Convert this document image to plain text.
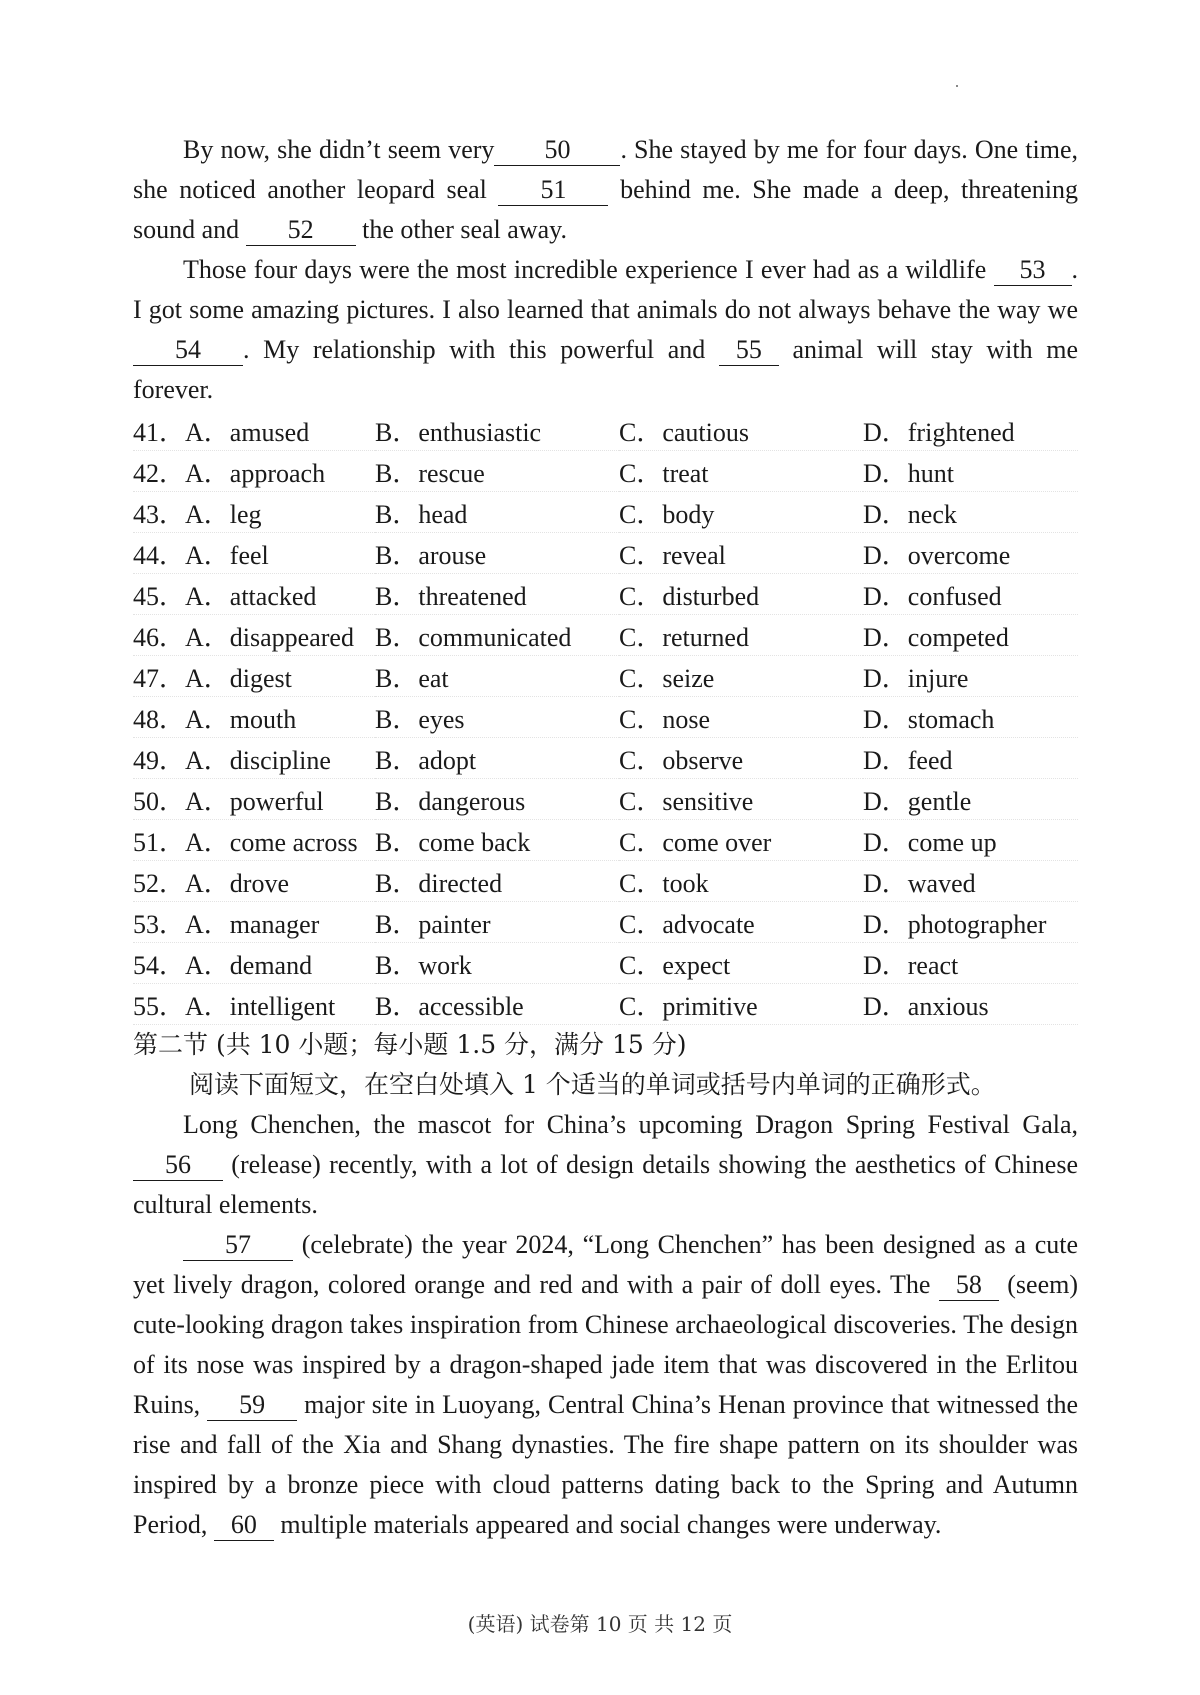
By now, she didn’t seem very 50 . She stayed by me for four days. One time, she noticed another leopard seal 51 behind me. She made a deep, threatening sound and 52 the other seal away.

Those four days were the most incredible experience I ever had as a wildlife 53 . I got some amazing pictures. I also learned that animals do not always behave the way we54 . My relationship with this powerful and 55 animal will stay with me forever.

41．A．amused	B．enthusiastic	C．cautious	D．frightened
42．A．approach	B．rescue	C．treat	D．hunt
43．A．leg	B．head	C．body	D．neck
44．A．feel	B．arouse	C．reveal	D．overcome
45．A．attacked	B．threatened	C．disturbed	D．confused
46．A．disappeared	B．communicated	C．returned	D．competed
47．A．digest	B．eat	C．seize	D．injure
48．A．mouth	B．eyes	C．nose	D．stomach
49．A．discipline	B．adopt	C．observe	D．feed
50．A．powerful	B．dangerous	C．sensitive	D．gentle
51．A．come across	B．come back	C．come over	D．come up
52．A．drove	B．directed	C．took	D．waved
53．A．manager	B．painter	C．advocate	D．photographer
54．A．demand	B．work	C．expect	D．react
55．A．intelligent	B．accessible	C．primitive	D．anxious

第二节 (共 10 小题；每小题 1.5 分，满分 15 分)

阅读下面短文，在空白处填入 1 个适当的单词或括号内单词的正确形式。

Long Chenchen, the mascot for China’s upcoming Dragon Spring Festival Gala, 56 (release) recently, with a lot of design details showing the aesthetics of Chinese cultural elements.

57 (celebrate) the year 2024, “Long Chenchen” has been designed as a cute yet lively dragon, colored orange and red and with a pair of doll eyes. The 58 (seem) cute-looking dragon takes inspiration from Chinese archaeological discoveries. The design of its nose was inspired by a dragon-shaped jade item that was discovered in the Erlitou Ruins, 59 major site in Luoyang, Central China’s Henan province that witnessed the rise and fall of the Xia and Shang dynasties. The fire shape pattern on its shoulder was inspired by a bronze piece with cloud patterns dating back to the Spring and Autumn Period, 60 multiple materials appeared and social changes were underway.

(英语) 试卷第 10 页 共 12 页
